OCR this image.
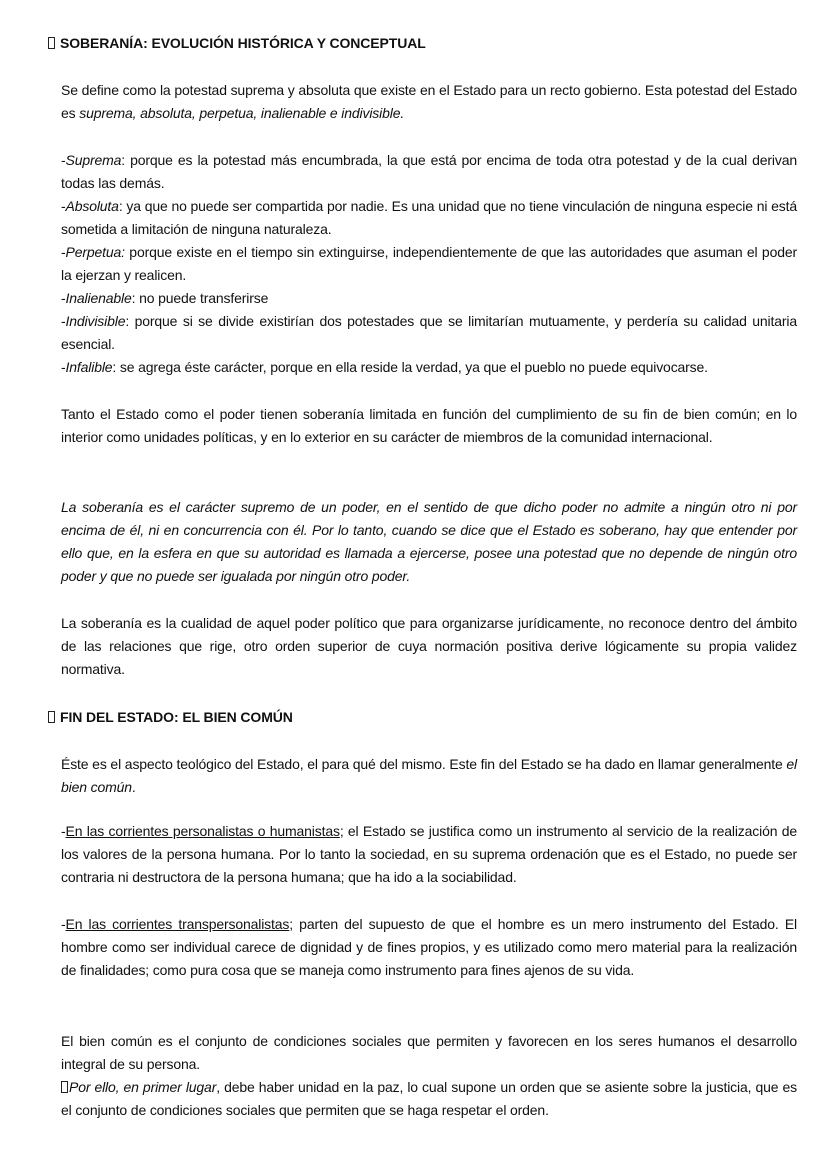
SOBERANÍA: EVOLUCIÓN HISTÓRICA Y CONCEPTUAL
Se define como la potestad suprema y absoluta que existe en el Estado para un recto gobierno. Esta potestad del Estado es suprema, absoluta, perpetua, inalienable e indivisible.
-Suprema: porque es la potestad más encumbrada, la que está por encima de toda otra potestad y de la cual derivan todas las demás.
-Absoluta: ya que no puede ser compartida por nadie. Es una unidad que no tiene vinculación de ninguna especie ni está sometida a limitación de ninguna naturaleza.
-Perpetua: porque existe en el tiempo sin extinguirse, independientemente de que las autoridades que asuman el poder la ejerzan y realicen.
-Inalienable: no puede transferirse
-Indivisible: porque si se divide existirían dos potestades que se limitarían mutuamente, y perdería su calidad unitaria esencial.
-Infalible: se agrega éste carácter, porque en ella reside la verdad, ya que el pueblo no puede equivocarse.
Tanto el Estado como el poder tienen soberanía limitada en función del cumplimiento de su fin de bien común; en lo interior como unidades políticas, y en lo exterior en su carácter de miembros de la comunidad internacional.
La soberanía es el carácter supremo de un poder, en el sentido de que dicho poder no admite a ningún otro ni por encima de él, ni en concurrencia con él. Por lo tanto, cuando se dice que el Estado es soberano, hay que entender por ello que, en la esfera en que su autoridad es llamada a ejercerse, posee una potestad que no depende de ningún otro poder y que no puede ser igualada por ningún otro poder.
La soberanía es la cualidad de aquel poder político que para organizarse jurídicamente, no reconoce dentro del ámbito de las relaciones que rige, otro orden superior de cuya normación positiva derive lógicamente su propia validez normativa.
FIN DEL ESTADO: EL BIEN COMÚN
Éste es el aspecto teológico del Estado, el para qué del mismo. Este fin del Estado se ha dado en llamar generalmente el bien común.
-En las corrientes personalistas o humanistas; el Estado se justifica como un instrumento al servicio de la realización de los valores de la persona humana. Por lo tanto la sociedad, en su suprema ordenación que es el Estado, no puede ser contraria ni destructora de la persona humana; que ha ido a la sociabilidad.
-En las corrientes transpersonalistas; parten del supuesto de que el hombre es un mero instrumento del Estado. El hombre como ser individual carece de dignidad y de fines propios, y es utilizado como mero material para la realización de finalidades; como pura cosa que se maneja como instrumento para fines ajenos de su vida.
El bien común es el conjunto de condiciones sociales que permiten y favorecen en los seres humanos el desarrollo integral de su persona.
Por ello, en primer lugar, debe haber unidad en la paz, lo cual supone un orden que se asiente sobre la justicia, que es el conjunto de condiciones sociales que permiten que se haga respetar el orden.
